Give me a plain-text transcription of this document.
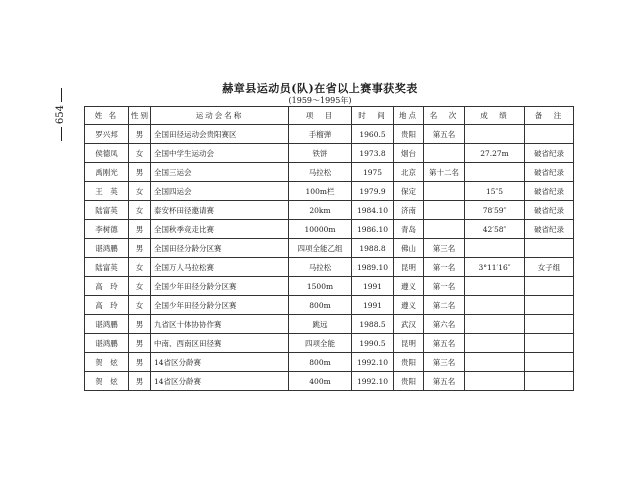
654
赫章县运动员(队)在省以上赛事获奖表
(1959～1995年)
姓 名	性别	运动会名称	项　目	时　间	地点	名　次	成　绩	备　注
罗兴邦	男	全国田径运动会贵阳赛区	手榴弹	1960.5	贵阳	第五名		
侯德凤	女	全国中学生运动会	铁饼	1973.8	烟台		27.27m	破省纪录
禹刚光	男	全国三运会	马拉松	1975	北京	第十二名		破省纪录
王　英	女	全国四运会	100m栏	1979.9	保定		15″5	破省纪录
陆富英	女	泰安杯田径邀请赛	20km	1984.10	济南		78′59″	破省纪录
李树德	男	全国秋季竞走比赛	10000m	1986.10	青岛		42′58″	破省纪录
谌鸿鹏	男	全国田径分龄分区赛	四项全能乙组	1988.8	佛山	第三名		
陆富英	女	全国万人马拉松赛	马拉松	1989.10	昆明	第一名	3°11′16″	女子组
高　玲	女	全国少年田径分龄分区赛	1500m	1991	遵义	第一名		
高　玲	女	全国少年田径分龄分区赛	800m	1991	遵义	第二名		
谌鸿鹏	男	九省区十体协协作赛	跳远	1988.5	武汉	第六名		
谌鸿鹏	男	中南、西南区田径赛	四项全能	1990.5	昆明	第五名		
贺　炫	男	14省区分龄赛	800m	1992.10	贵阳	第三名		
贺　炫	男	14省区分龄赛	400m	1992.10	贵阳	第五名		
